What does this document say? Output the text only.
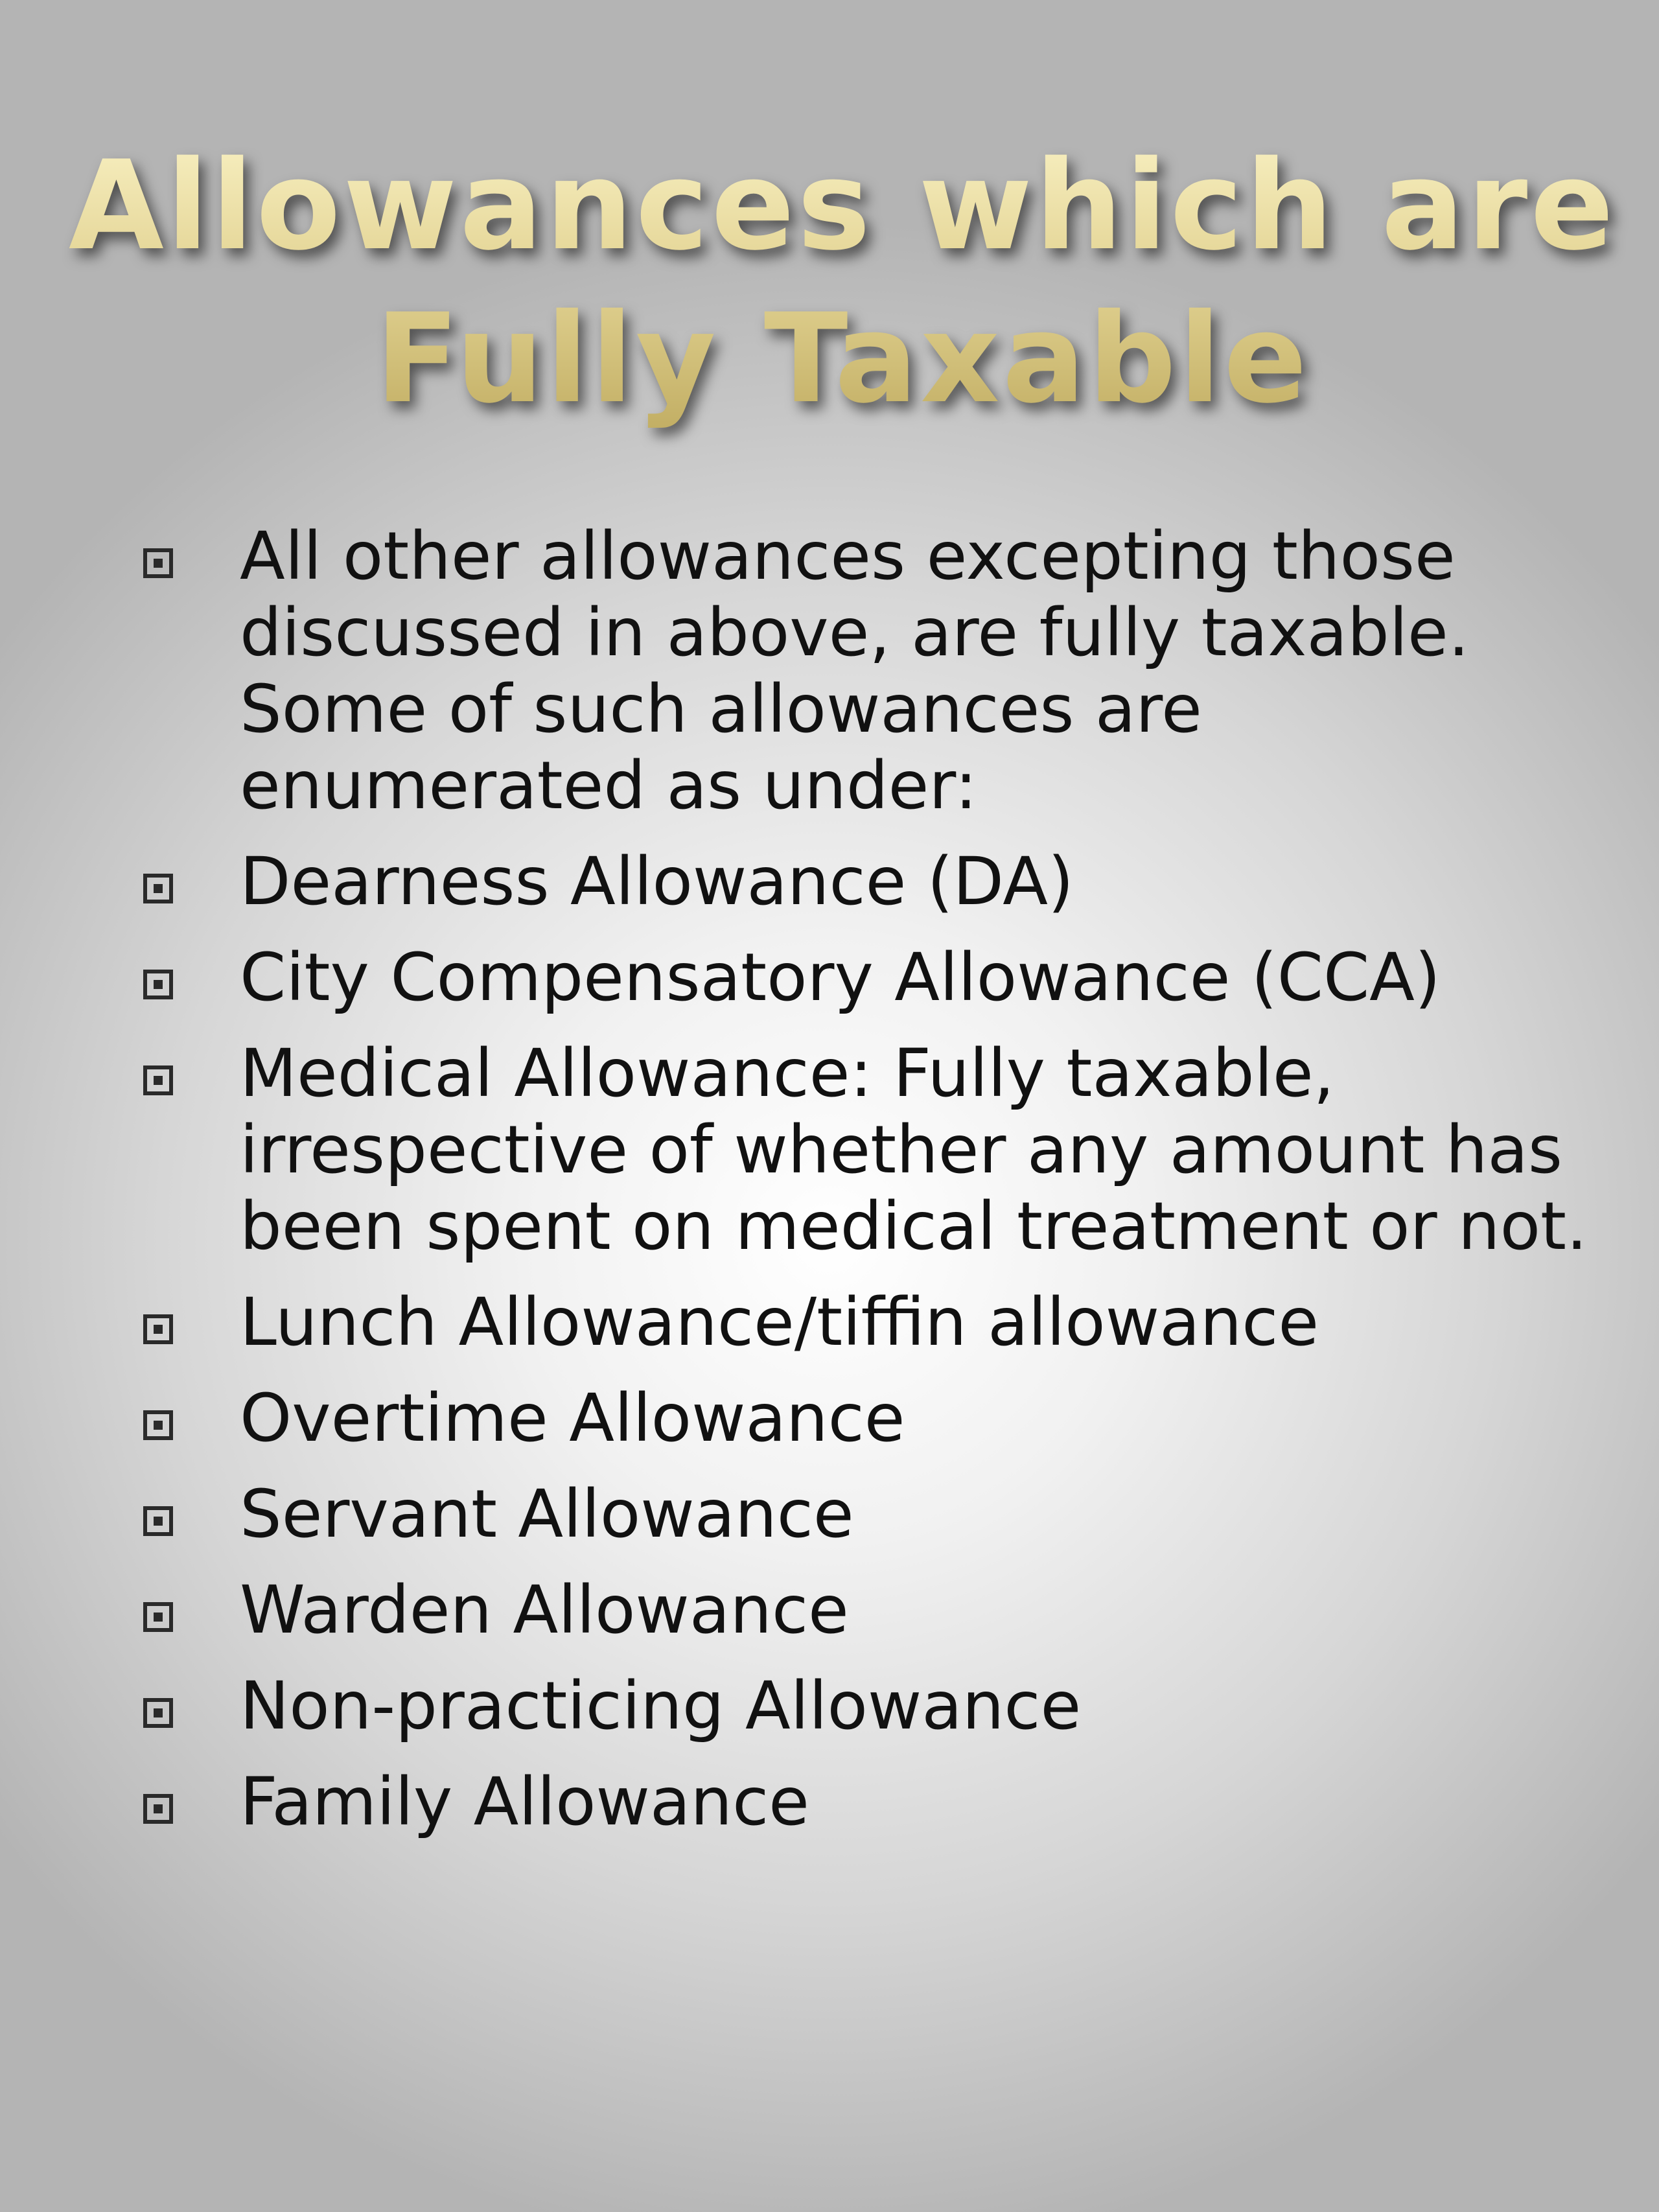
Allowances which are
Fully Taxable
All other allowances excepting those discussed in above, are fully taxable. Some of such allowances are enumerated as under:
Dearness Allowance (DA)
City Compensatory Allowance (CCA)
Medical Allowance: Fully taxable, irrespective of whether any amount has been spent on medical treatment or not.
Lunch Allowance/tiffin allowance
Overtime Allowance
Servant Allowance
Warden Allowance
Non-practicing Allowance
Family Allowance
